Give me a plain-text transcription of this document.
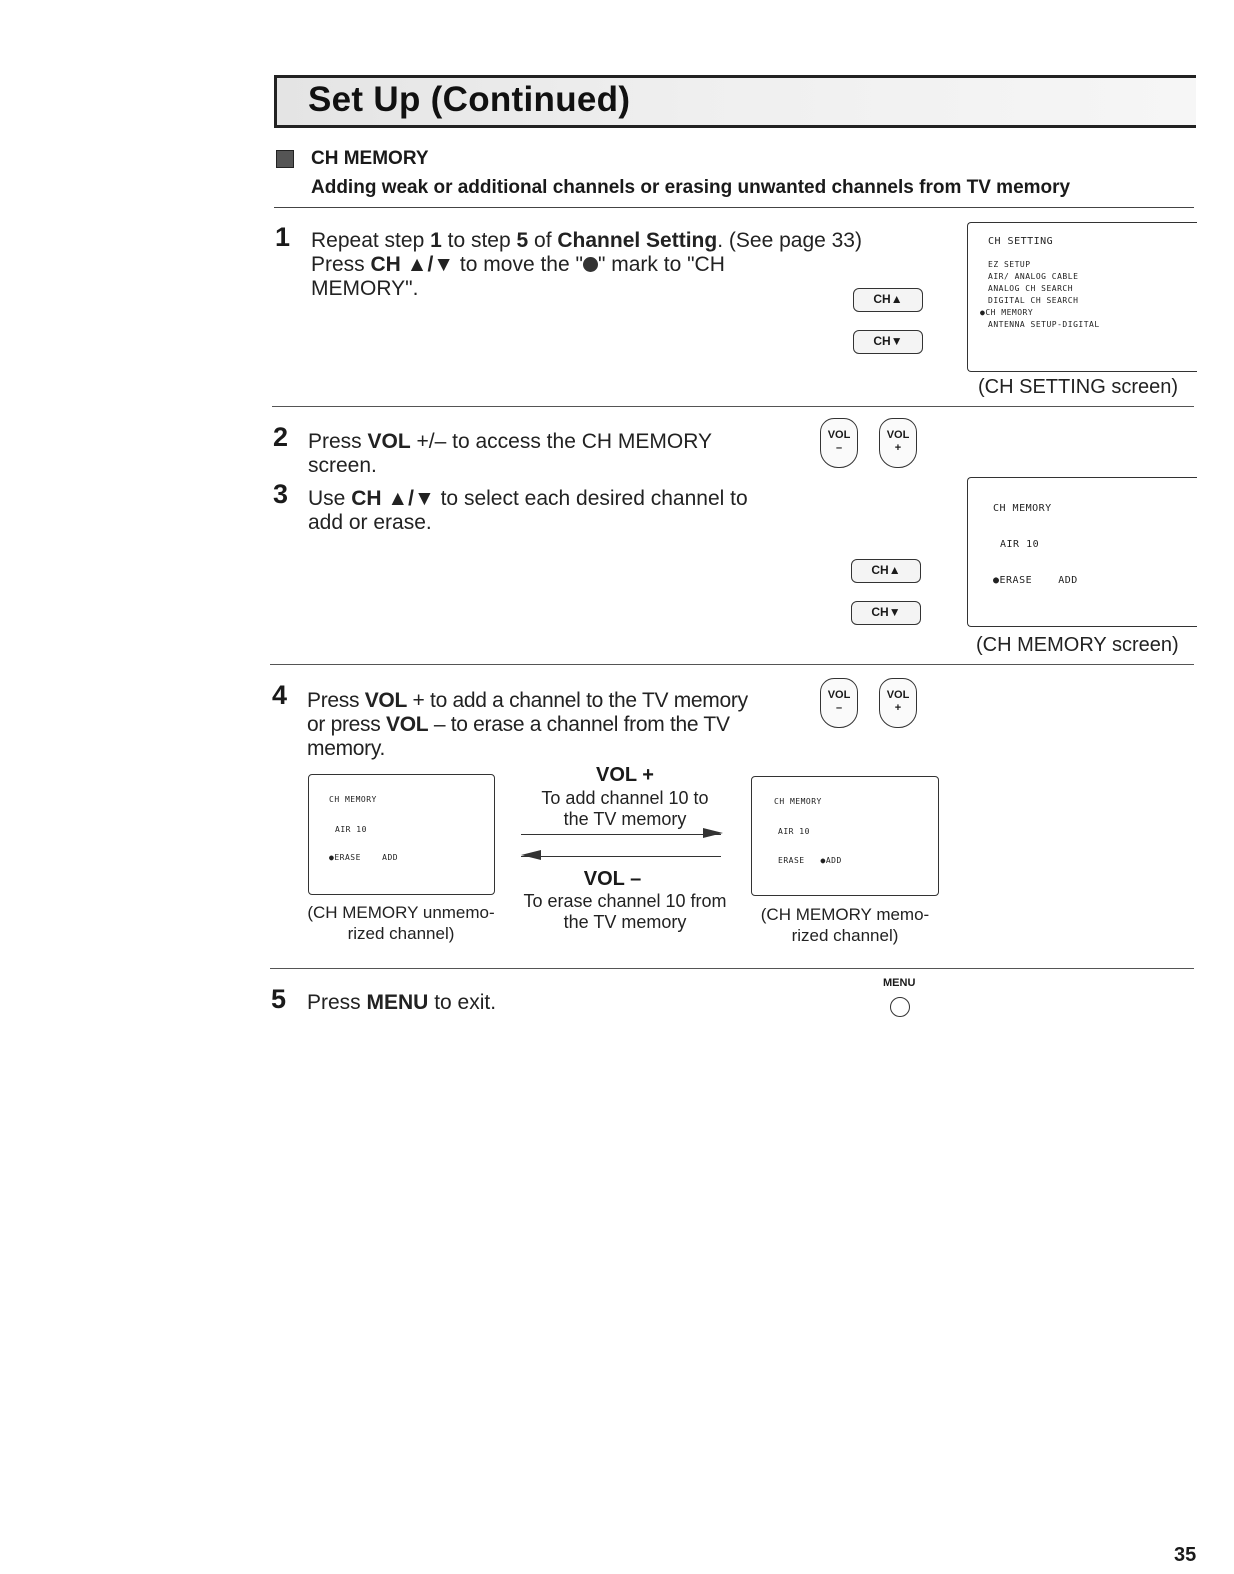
Set Up (Continued)
CH MEMORY
Adding weak or additional channels or erasing unwanted channels from TV memory
1 Repeat step 1 to step 5 of Channel Setting. (See page 33)
Press CH ▲/▼ to move the " " mark to "CH
MEMORY".	CH▲
CH▼
CH SETTING
EZ SETUP
AIR/ ANALOG CABLE
ANALOG CH SEARCH
DIGITAL CH SEARCH
●CH MEMORY
ANTENNA SETUP-DIGITAL
(CH SETTING screen)
2 Press VOL +/– to access the CH MEMORY
screen.
VOL
–
VOL
+
3 Use CH ▲/▼ to select each desired channel to
add or erase.
CH▲
CH▼
CH MEMORY
AIR 10
●ERASE    ADD
(CH MEMORY screen)
4 Press VOL + to add a channel to the TV memory
or press VOL – to erase a channel from the TV
memory.
VOL
–
VOL
+
CH MEMORY
AIR 10
●ERASE    ADD
(CH MEMORY unmemo-
rized channel)
VOL +
To add channel 10 to
the TV memory
VOL –
To erase channel 10 from
the TV memory
CH MEMORY
AIR 10
ERASE   ●ADD
(CH MEMORY memo-
rized channel)
5 Press MENU to exit.
MENU
35
